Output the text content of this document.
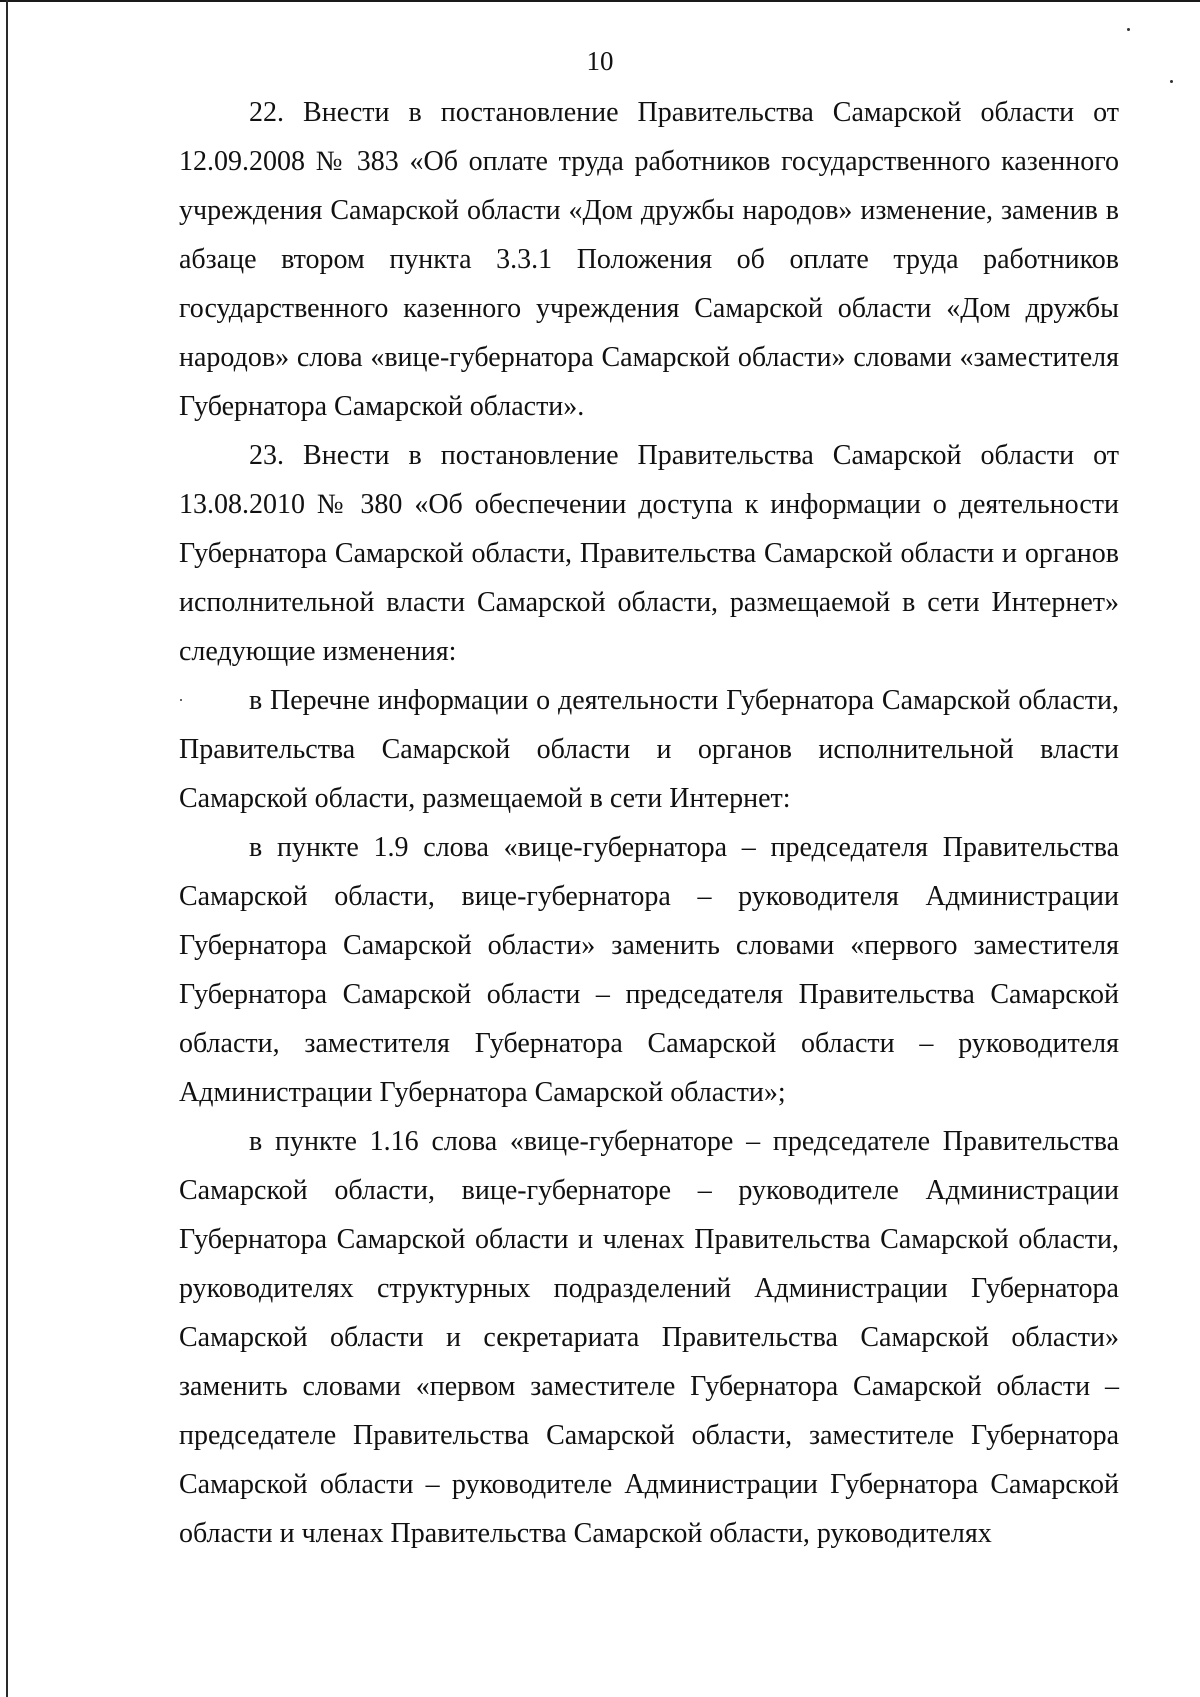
10

22. Внести в постановление Правительства Самарской области от 12.09.2008 № 383 «Об оплате труда работников государственного казенного учреждения Самарской области «Дом дружбы народов» изменение, заменив в абзаце втором пункта 3.3.1 Положения об оплате труда работников государственного казенного учреждения Самарской области «Дом дружбы народов» слова «вице-губернатора Самарской области» словами «заместителя Губернатора Самарской области».

23. Внести в постановление Правительства Самарской области от 13.08.2010 № 380 «Об обеспечении доступа к информации о деятельности Губернатора Самарской области, Правительства Самарской области и органов исполнительной власти Самарской области, размещаемой в сети Интернет» следующие изменения:

в Перечне информации о деятельности Губернатора Самарской области, Правительства Самарской области и органов исполнительной власти Самарской области, размещаемой в сети Интернет:

в пункте 1.9 слова «вице-губернатора – председателя Правительства Самарской области, вице-губернатора – руководителя Администрации Губернатора Самарской области» заменить словами «первого заместителя Губернатора Самарской области – председателя Правительства Самарской области, заместителя Губернатора Самарской области – руководителя Администрации Губернатора Самарской области»;

в пункте 1.16 слова «вице-губернаторе – председателе Правительства Самарской области, вице-губернаторе – руководителе Администрации Губернатора Самарской области и членах Правительства Самарской области, руководителях структурных подразделений Администрации Губернатора Самарской области и секретариата Правительства Самарской области» заменить словами «первом заместителе Губернатора Самарской области – председателе Правительства Самарской области, заместителе Губернатора Самарской области – руководителе Администрации Губернатора Самарской области и членах Правительства Самарской области, руководителях
